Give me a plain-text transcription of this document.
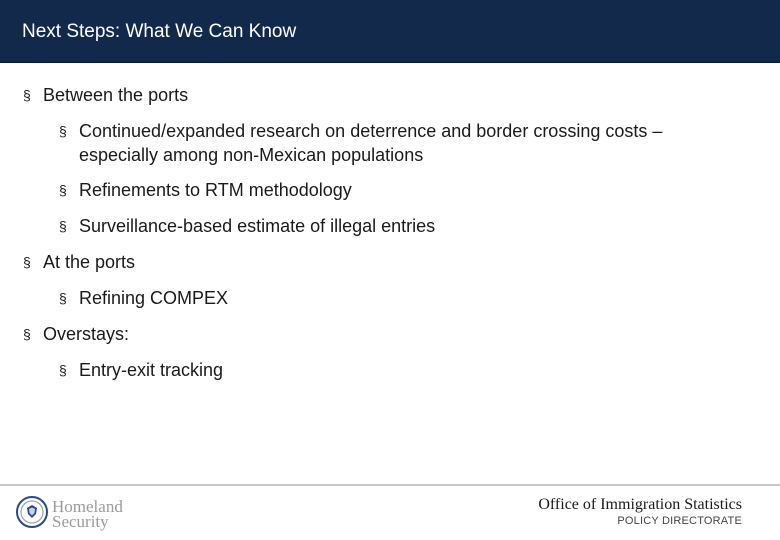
Next Steps: What We Can Know
§ Between the ports
§ Continued/expanded research on deterrence and border crossing costs – especially among non-Mexican populations
§ Refinements to RTM methodology
§ Surveillance-based estimate of illegal entries
§ At the ports
§ Refining COMPEX
§ Overstays:
§ Entry-exit tracking
Homeland
Security
Office of Immigration Statistics
POLICY DIRECTORATE
